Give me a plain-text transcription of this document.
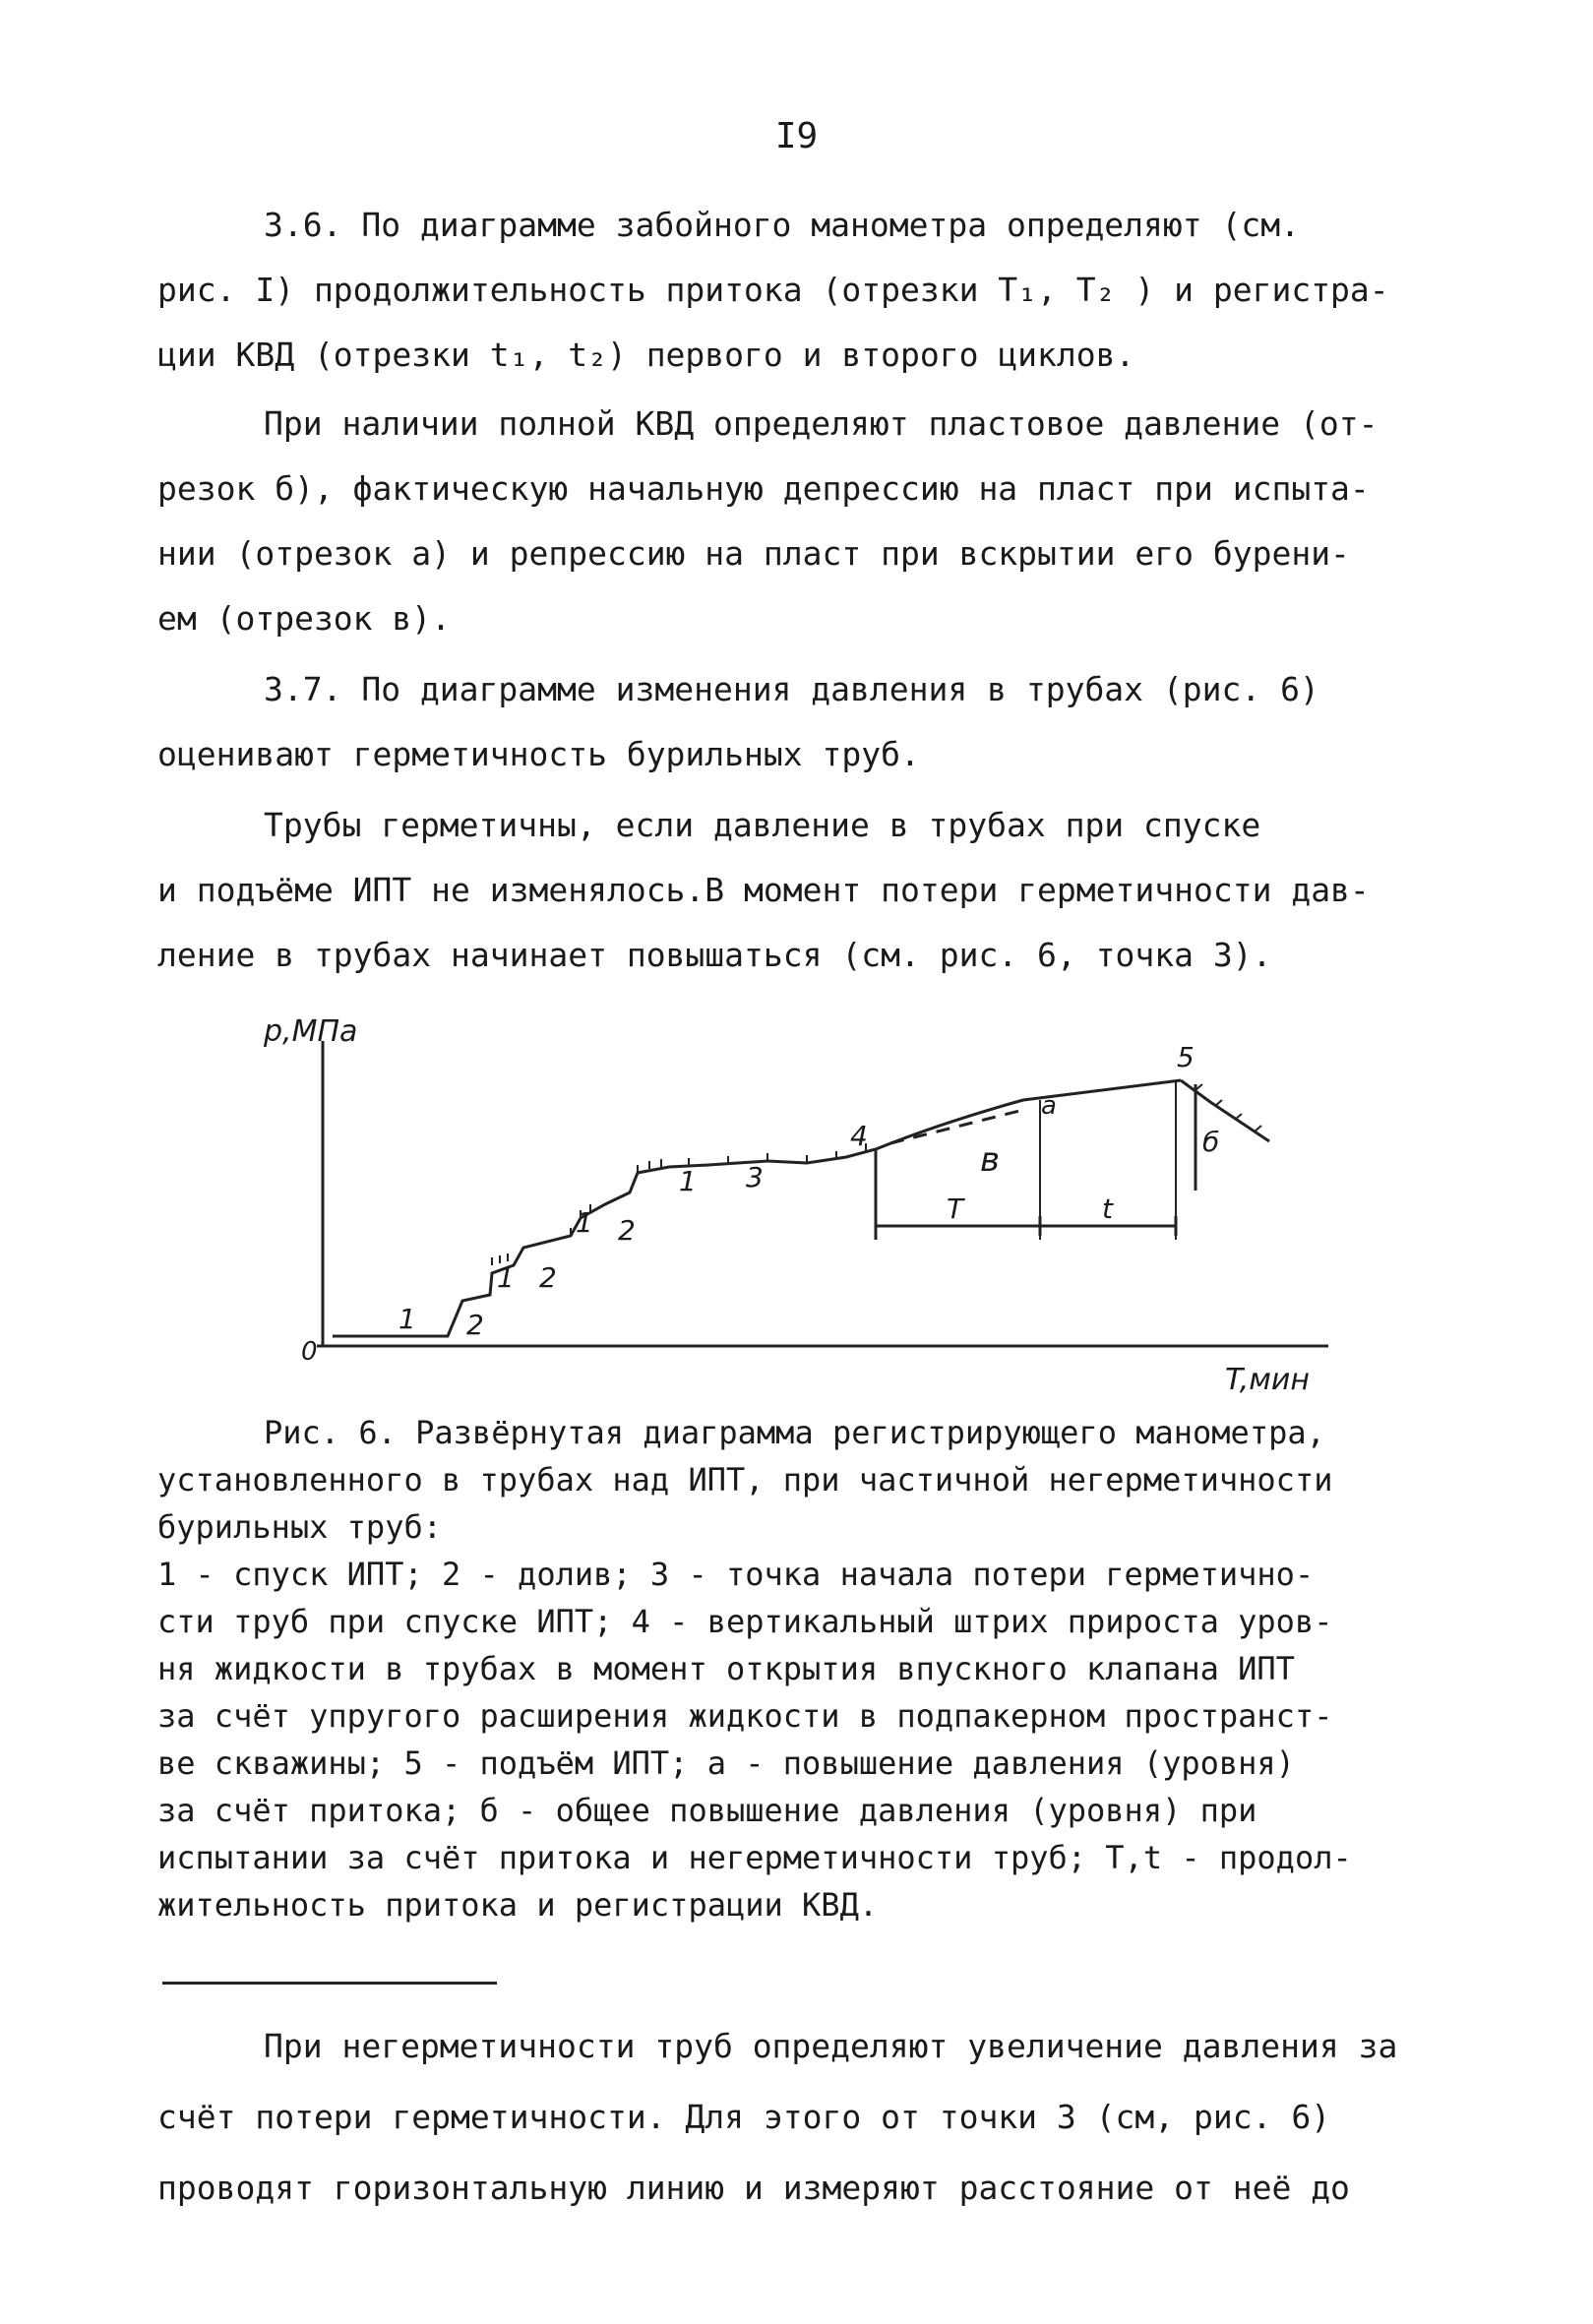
I9

3.6. По диаграмме забойного манометра определяют (см.
рис. I) продолжительность притока (отрезки T₁, T₂ ) и регистра-
ции КВД (отрезки t₁, t₂) первого и второго циклов.

При наличии полной КВД определяют пластовое давление (от-
резок б), фактическую начальную депрессию на пласт при испыта-
нии (отрезок а) и репрессию на пласт при вскрытии его бурени-
ем (отрезок в).

3.7. По диаграмме изменения давления в трубах (рис. 6)
оценивают герметичность бурильных труб.

Трубы герметичны, если давление в трубах при спуске
и подъёме ИПТ не изменялось.В момент потери герметичности дав-
ление в трубах начинает повышаться (см. рис. 6, точка 3).

p,МПа
T,мин
0
1 2
1 2
1 2
1 3
4
5
a
б
в
T	t

Рис. 6. Развёрнутая диаграмма регистрирующего манометра,
установленного в трубах над ИПТ, при частичной негерметичности
бурильных труб:
1 - спуск ИПТ; 2 - долив; 3 - точка начала потери герметично-
сти труб при спуске ИПТ; 4 - вертикальный штрих прироста уров-
ня жидкости в трубах в момент открытия впускного клапана ИПТ
за счёт упругого расширения жидкости в подпакерном пространст-
ве скважины; 5 - подъём ИПТ; a - повышение давления (уровня)
за счёт притока; б - общее повышение давления (уровня) при
испытании за счёт притока и негерметичности труб; T,t - продол-
жительность притока и регистрации КВД.

При негерметичности труб определяют увеличение давления за
счёт потери герметичности. Для этого от точки 3 (см, рис. 6)
проводят горизонтальную линию и измеряют расстояние от неё до
